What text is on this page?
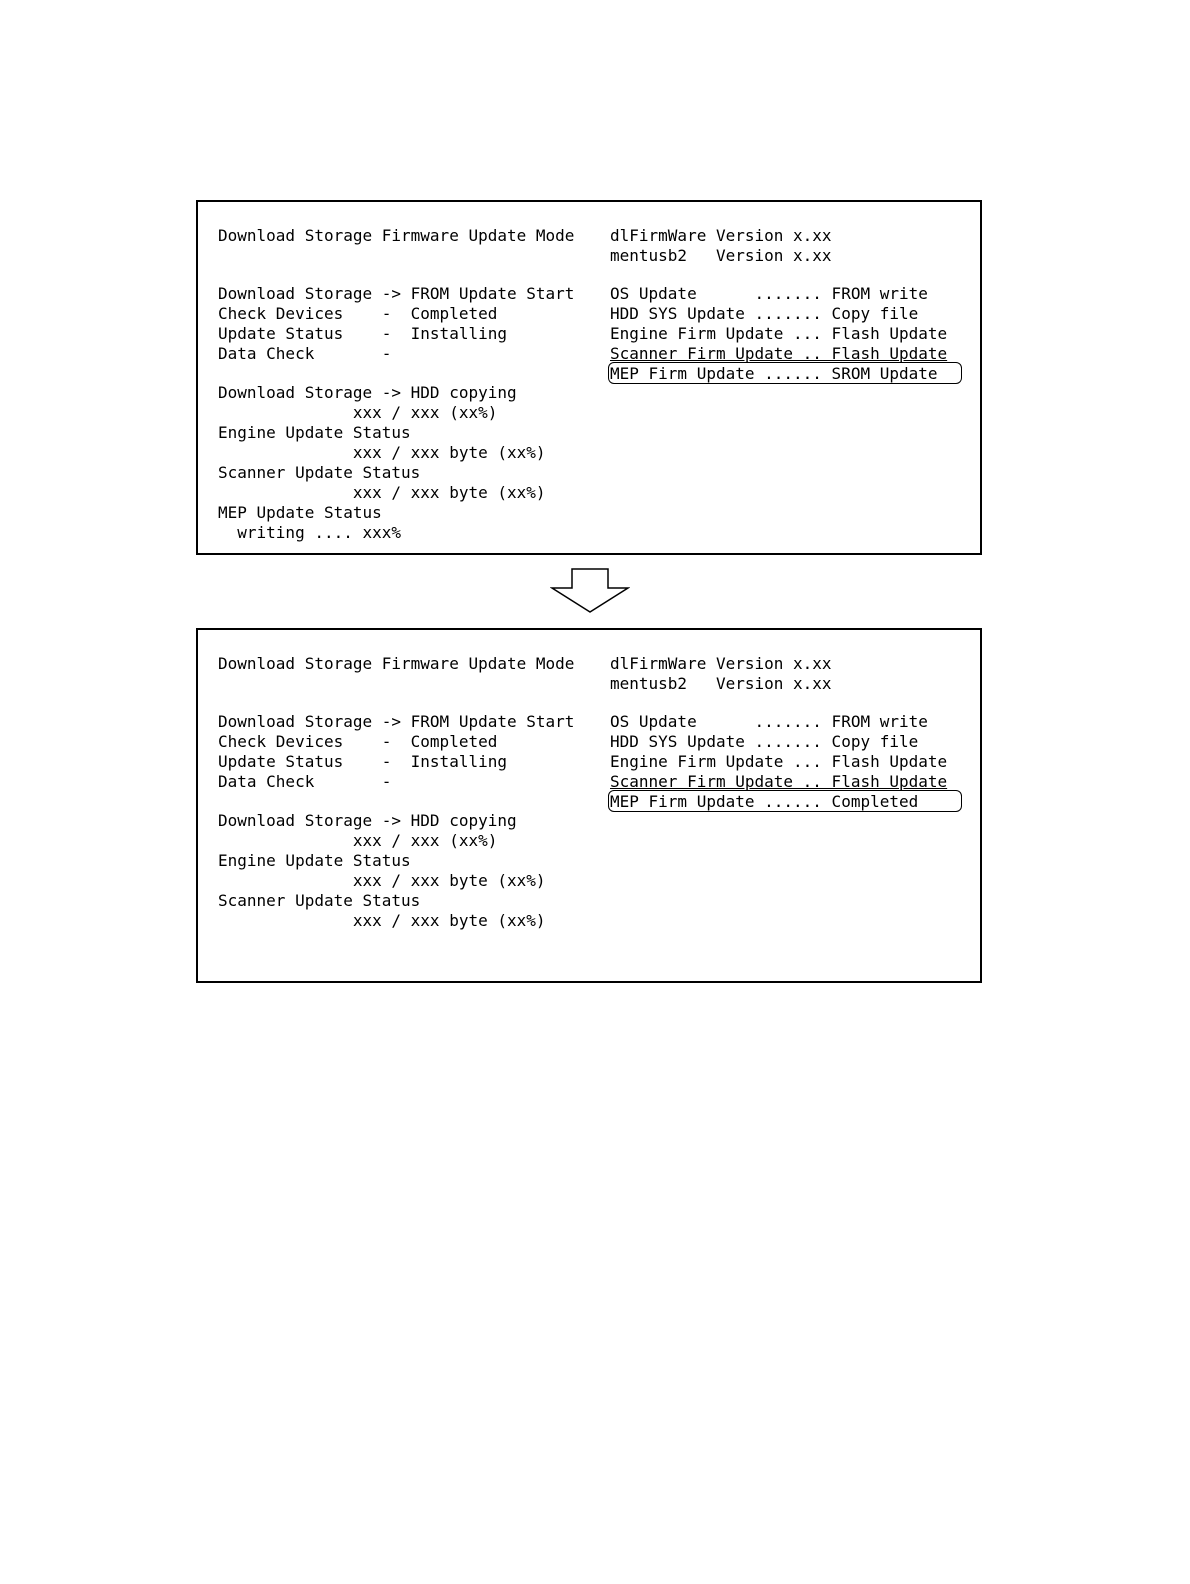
Download Storage Firmware Update Mode dlFirmWare Version x.xx
mentusb2   Version x.xx
Download Storage -> FROM Update Start
Check Devices    -  Completed
Update Status    -  Installing
Data Check       -
OS Update      ....... FROM write
HDD SYS Update ....... Copy file
Engine Firm Update ... Flash Update
Scanner Firm Update .. Flash Update
MEP Firm Update ...... SROM Update
Download Storage -> HDD copying
xxx / xxx (xx%)
Engine Update Status
xxx / xxx byte (xx%)
Scanner Update Status
xxx / xxx byte (xx%)
MEP Update Status
writing .... xxx%
Download Storage Firmware Update Mode dlFirmWare Version x.xx
mentusb2   Version x.xx
Download Storage -> FROM Update Start
Check Devices    -  Completed
Update Status    -  Installing
Data Check       -
OS Update      ....... FROM write
HDD SYS Update ....... Copy file
Engine Firm Update ... Flash Update
Scanner Firm Update .. Flash Update
MEP Firm Update ...... Completed
Download Storage -> HDD copying
xxx / xxx (xx%)
Engine Update Status
xxx / xxx byte (xx%)
Scanner Update Status
xxx / xxx byte (xx%)
